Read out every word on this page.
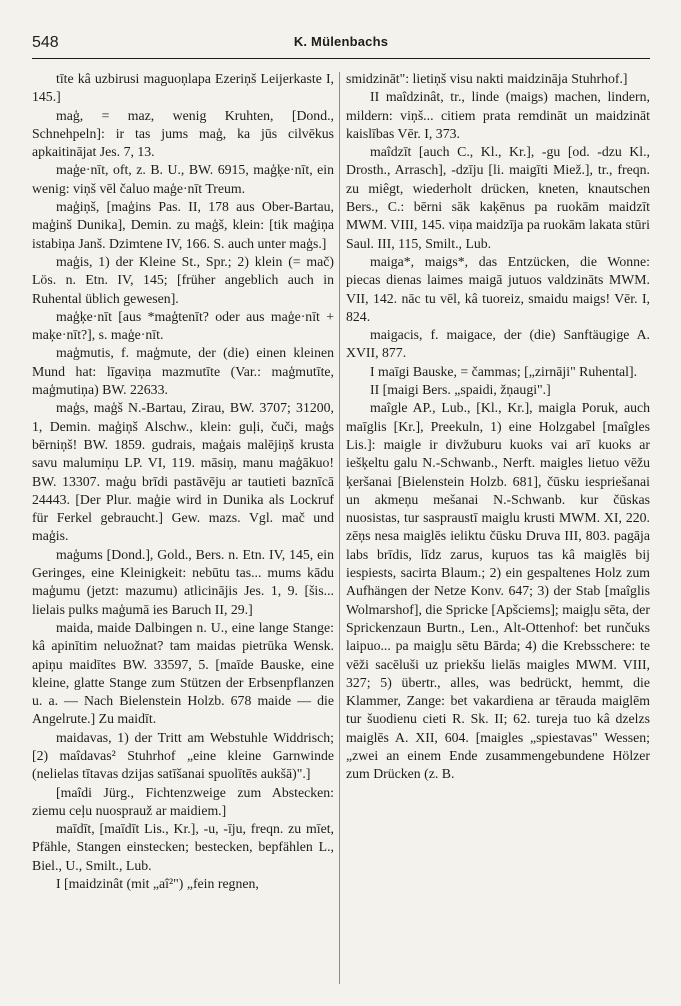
548	K. Mülenbachs

tīte kâ uzbirusi maguoņlapa Ezeriņš Leijerkaste I, 145.]

maģ, = maz, wenig Kruhten, [Dond., Schnehpeln]: ir tas jums maģ, ka jūs cilvēkus apkaitinājat Jes. 7, 13.

maģe·nīt, oft, z. B. U., BW. 6915, maģķe·nīt, ein wenig: viņš vēl čaluo maģe·nīt Treum.

maģiņš, [maģins Pas. II, 178 aus Ober-Bartau, maģinš Dunika], Demin. zu maģš, klein: [tik maģiņa istabiņa Janš. Dzimtene IV, 166. S. auch unter maģs.]

maģis, 1) der Kleine St., Spr.; 2) klein (= mač) Lös. n. Etn. IV, 145; [früher angeblich auch in Ruhental üblich gewesen].

maģķe·nīt [aus *maģtenīt? oder aus maģe·nīt + maķe·nīt?], s. maģe·nīt.

maģmutis, f. maģmute, der (die) einen kleinen Mund hat: līgaviņa mazmutīte (Var.: maģmutīte, maģmutiņa) BW. 22633.

maģs, maģš N.-Bartau, Zirau, BW. 3707; 31200, 1, Demin. maģiņš Alschw., klein: guļi, čuči, maģs bērniņš! BW. 1859. gudrais, maģais malējiņš krusta savu malumiņu LP. VI, 119. māsiņ, manu maģākuo! BW. 13307. maģu brīdi pastāvēju ar tautieti baznīcā 24443. [Der Plur. maģie wird in Dunika als Lockruf für Ferkel gebraucht.] Gew. mazs. Vgl. mač und maģis.

maģums [Dond.], Gold., Bers. n. Etn. IV, 145, ein Geringes, eine Kleinigkeit: nebūtu tas... mums kādu maģumu (jetzt: mazumu) atlicinājis Jes. 1, 9. [šis... lielais pulks maģumā ies Baruch II, 29.]

maida, maide Dalbingen n. U., eine lange Stange: kâ apinītim neluožnat? tam maidas pietrūka Wensk. apiņu maidītes BW. 33597, 5. [maīde Bauske, eine kleine, glatte Stange zum Stützen der Erbsenpflanzen u. a. — Nach Bielenstein Holzb. 678 maide — die Angelrute.] Zu maidīt.

maidavas, 1) der Tritt am Webstuhle Widdrisch; [2) maîdavas² Stuhrhof „eine kleine Garnwinde (nelielas tītavas dzijas satīšanai spuolītēs aukšā)".]

[maîdi Jürg., Fichtenzweige zum Abstecken: ziemu ceļu nuosprauž ar maidiem.]

maīdīt, [maīdīt Lis., Kr.], -u, -īju, freqn. zu mīet, Pfähle, Stangen einstecken; bestecken, bepfählen L., Biel., U., Smilt., Lub.

I [maidzinât (mit „aî²") „fein regnen,

smidzināt": lietiņš visu nakti maidzināja Stuhrhof.]

II maîdzinât, tr., linde (maigs) machen, lindern, mildern: viņš... citiem prata remdināt un maidzināt kaislības Vēr. I, 373.

maîdzīt [auch C., Kl., Kr.], -gu [od. -dzu Kl., Drosth., Arrasch], -dzīju [li. maigīti Miež.], tr., freqn. zu miêgt, wiederholt drücken, kneten, knautschen Bers., C.: bērni sāk kaķēnus pa ruokām maidzīt MWM. VIII, 145. viņa maidzīja pa ruokām lakata stūri Saul. III, 115, Smilt., Lub.

maiga*, maigs*, das Entzücken, die Wonne: piecas dienas laimes maigā jutuos valdzināts MWM. VII, 142. nāc tu vēl, kâ tuoreiz, smaidu maigs! Vēr. I, 824.

maigacis, f. maigace, der (die) Sanftäugige A. XVII, 877.

I maīgi Bauske, = čammas; [„zirnāji" Ruhental].

II [maigi Bers. „spaidi, žņaugi".]

maîgle AP., Lub., [Kl., Kr.], maigla Poruk, auch maīglis [Kr.], Preekuln, 1) eine Holzgabel [maîgles Lis.]: maigle ir divžuburu kuoks vai arī kuoks ar iešķeltu galu N.-Schwanb., Nerft. maigles lietuo vēžu ķeršanai [Bielenstein Holzb. 681], čūsku iespriešanai un akmeņu mešanai N.-Schwanb. kur čūskas nuosistas, tur saspraustī maiglu krusti MWM. XI, 220. zēņs nesa maiglēs ieliktu čūsku Druva III, 803. pagāja labs brīdis, līdz zarus, kuŗuos tas kâ maiglēs bij iespiests, sacirta Blaum.; 2) ein gespaltenes Holz zum Aufhängen der Netze Konv. 647; 3) der Stab [maîglis Wolmarshof], die Spricke [Apšciems]; maigļu sēta, der Sprickenzaun Burtn., Len., Alt-Ottenhof: bet runčuks laipuo... pa maigļu sētu Bārda; 4) die Krebsschere: te vēži sacēluši uz priekšu lielās maigles MWM. VIII, 327; 5) übertr., alles, was bedrückt, hemmt, die Klammer, Zange: bet vakardiena ar tērauda maiglēm tur šuodienu cieti R. Sk. II; 62. tureja tuo kâ dzelzs maiglēs A. XII, 604. [maigles „spiestavas" Wessen; „zwei an einem Ende zusammengebundene Hölzer zum Drücken (z. B.
